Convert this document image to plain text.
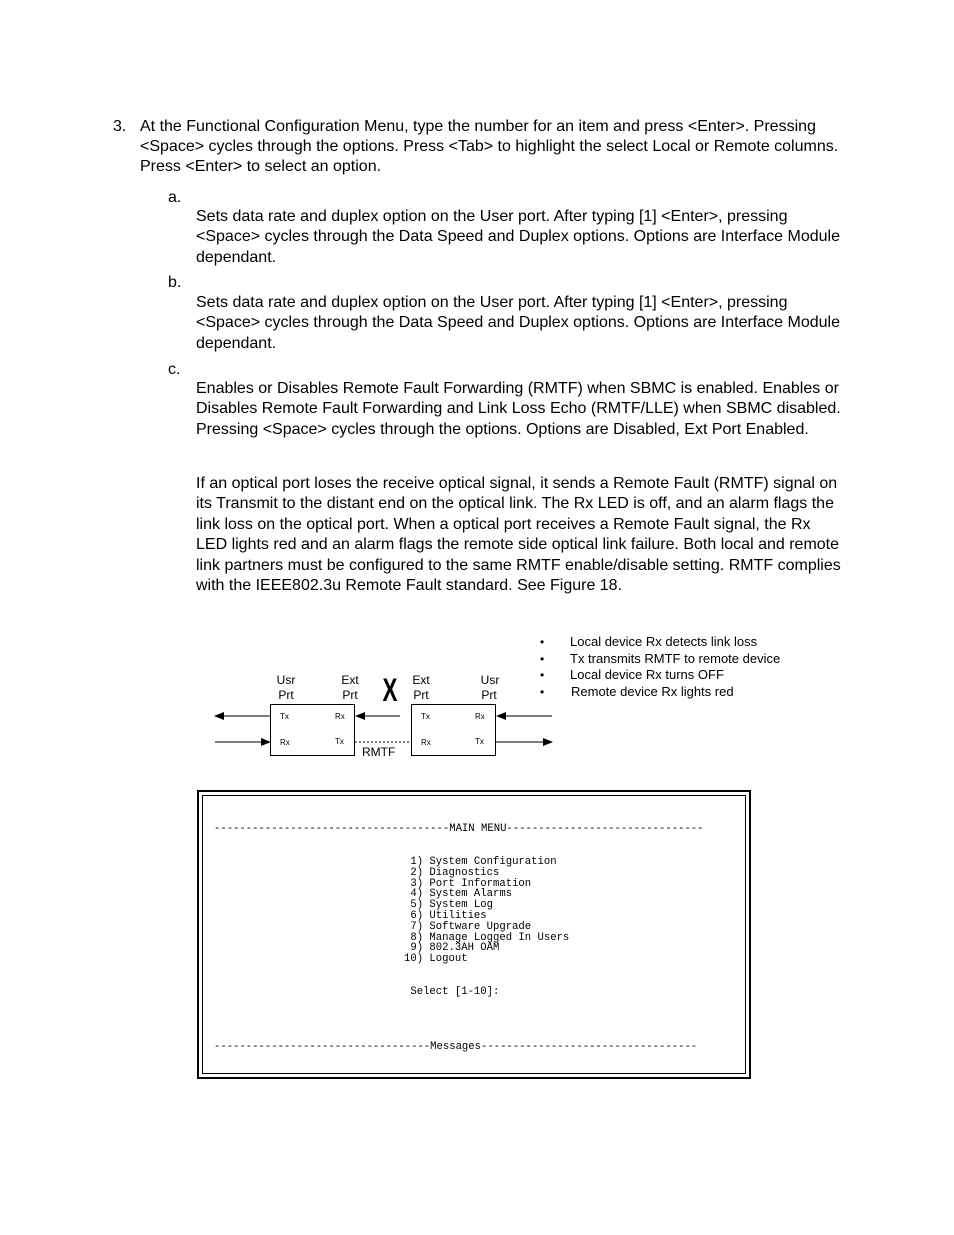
3. At the Functional Configuration Menu, type the number for an item and press <Enter>. Pressing <Space> cycles through the options. Press <Tab> to highlight the select Local or Remote columns. Press <Enter> to select an option.
a.
Sets data rate and duplex option on the User port. After typing [1] <Enter>, pressing <Space> cycles through the Data Speed and Duplex options. Options are Interface Module dependant.
b.
Sets data rate and duplex option on the User port. After typing [1] <Enter>, pressing <Space> cycles through the Data Speed and Duplex options. Options are Interface Module dependant.
c.
Enables or Disables Remote Fault Forwarding (RMTF) when SBMC is enabled. Enables or Disables Remote Fault Forwarding and Link Loss Echo (RMTF/LLE) when SBMC disabled. Pressing <Space> cycles through the options. Options are Disabled, Ext Port Enabled.
If an optical port loses the receive optical signal, it sends a Remote Fault (RMTF) signal on its Transmit to the distant end on the optical link. The Rx LED is off, and an alarm flags the link loss on the optical port. When a optical port receives a Remote Fault signal, the Rx LED lights red and an alarm flags the remote side optical link failure. Both local and remote link partners must be configured to the same RMTF enable/disable setting. RMTF complies with the IEEE802.3u Remote Fault standard. See Figure 18.
• Local device Rx detects link loss
• Tx transmits RMTF to remote device
• Local device Rx turns OFF
• Remote device Rx lights red
Usr
Prt
Ext
Prt
Ext
Prt
Usr
Prt
Tx
Rx
Rx
Tx
Tx
Rx
Rx
Tx
X
RMTF
-------------------------------------MAIN MENU-------------------------------
1) System Configuration
2) Diagnostics
3) Port Information
4) System Alarms
5) System Log
6) Utilities
7) Software Upgrade
8) Manage Logged In Users
9) 802.3AH OAM
10) Logout
Select [1-10]:
----------------------------------Messages----------------------------------
